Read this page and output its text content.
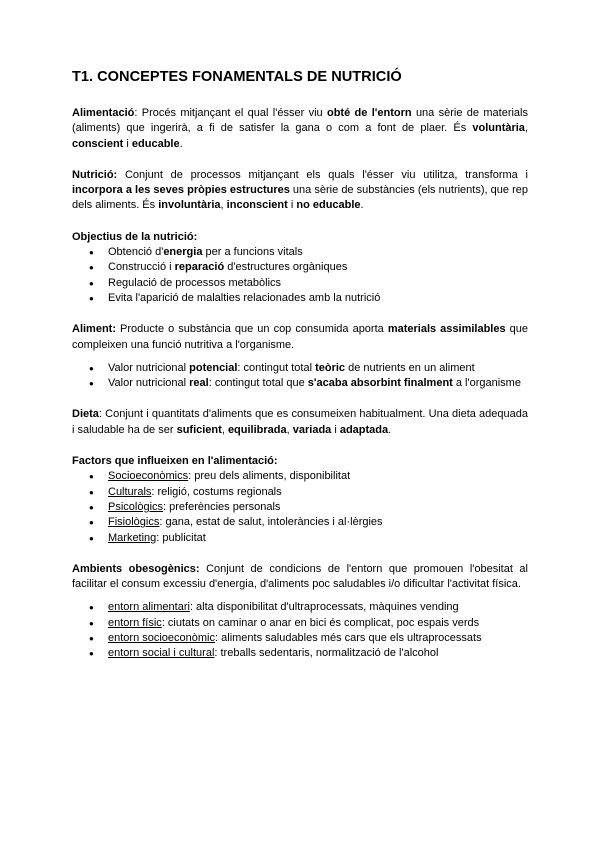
T1. CONCEPTES FONAMENTALS DE NUTRICIÓ

Alimentació: Procés mitjançant el qual l'ésser viu obté de l'entorn una sèrie de materials (aliments) que ingerirà, a fi de satisfer la gana o com a font de plaer. És voluntària, conscient i educable.

Nutrició: Conjunt de processos mitjançant els quals l'ésser viu utilitza, transforma i incorpora a les seves pròpies estructures una sèrie de substàncies (els nutrients), que rep dels aliments. És involuntària, inconscient i no educable.

Objectius de la nutrició:
● Obtenció d'energia per a funcions vitals
● Construcció i reparació d'estructures orgàniques
● Regulació de processos metabòlics
● Evita l'aparició de malalties relacionades amb la nutrició

Aliment: Producte o substància que un cop consumida aporta materials assimilables que compleixen una funció nutritiva a l'organisme.

● Valor nutricional potencial: contingut total teòric de nutrients en un aliment
● Valor nutricional real: contingut total que s'acaba absorbint finalment a l'organisme

Dieta: Conjunt i quantitats d'aliments que es consumeixen habitualment. Una dieta adequada i saludable ha de ser suficient, equilibrada, variada i adaptada.

Factors que influeixen en l'alimentació:
● Socioeconòmics: preu dels aliments, disponibilitat
● Culturals: religió, costums regionals
● Psicològics: preferències personals
● Fisiològics: gana, estat de salut, intoleràncies i al·lèrgies
● Marketing: publicitat

Ambients obesogènics: Conjunt de condicions de l'entorn que promouen l'obesitat al facilitar el consum excessiu d'energia, d'aliments poc saludables i/o dificultar l'activitat física.

● entorn alimentari: alta disponibilitat d'ultraprocessats, màquines vending
● entorn físic: ciutats on caminar o anar en bici és complicat, poc espais verds
● entorn socioeconòmic: aliments saludables més cars que els ultraprocessats
● entorn social i cultural: treballs sedentaris, normalització de l'alcohol
